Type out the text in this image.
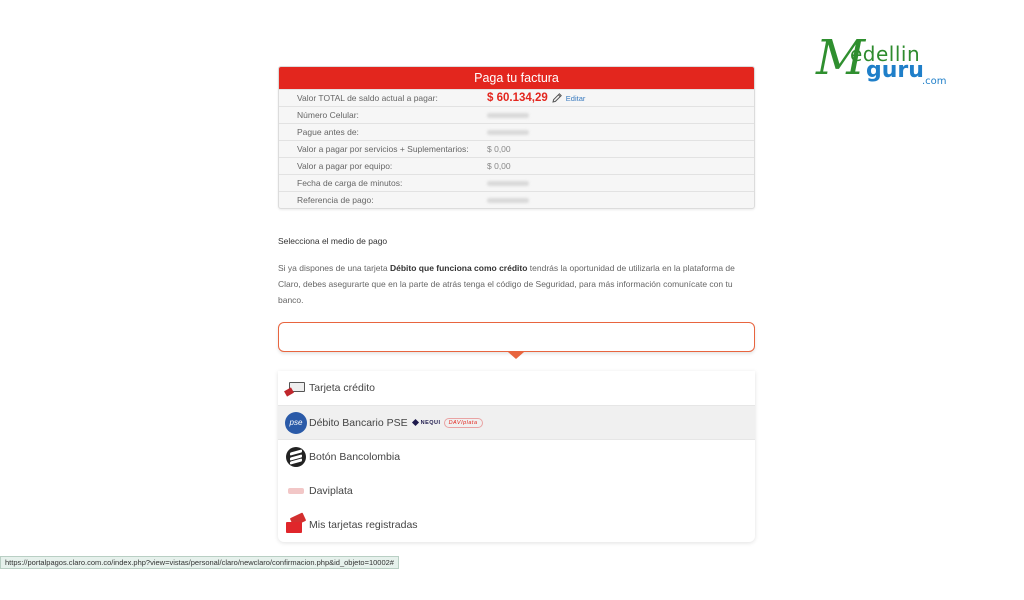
M
edellin
guru
.com
Paga tu factura
Valor TOTAL de saldo actual a pagar:	$ 60.134,29 Editar
Número Celular:
Pague antes de:
Valor a pagar por servicios + Suplementarios:	$ 0,00
Valor a pagar por equipo:	$ 0,00
Fecha de carga de minutos:
Referencia de pago:
Selecciona el medio de pago
Si ya dispones de una tarjeta Débito que funciona como crédito tendrás la oportunidad de utilizarla en la plataforma de Claro, debes asegurarte que en la parte de atrás tenga el código de Seguridad, para más información comunícate con tu banco.
Tarjeta crédito
pse Débito Bancario PSE NEQUI	DAVIplata
Botón Bancolombia
Daviplata
Mis tarjetas registradas
https://portalpagos.claro.com.co/index.php?view=vistas/personal/claro/newclaro/confirmacion.php&id_objeto=10002#
